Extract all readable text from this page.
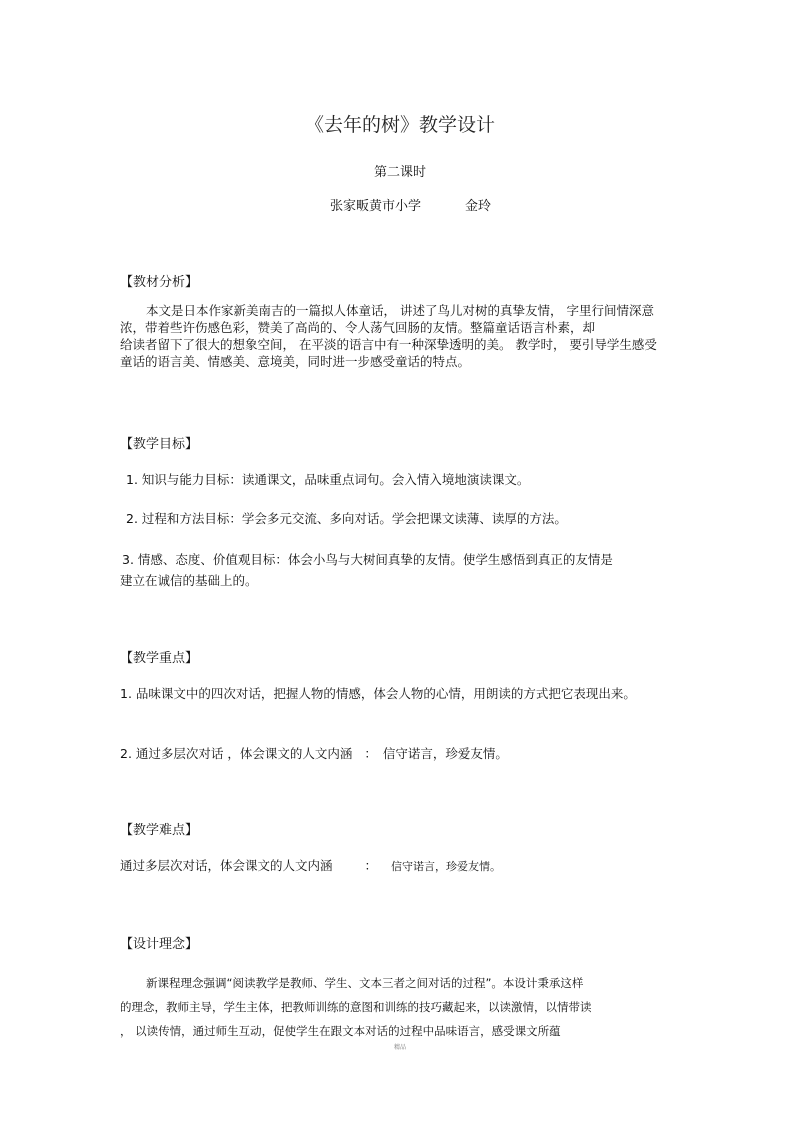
《去年的树》教学设计
第二课时
张家畈黄市小学	金玲
【教材分析】
本文是日本作家新美南吉的一篇拟人体童话， 讲述了鸟儿对树的真挚友情， 字里行间情深意
浓，带着些许伤感色彩，赞美了高尚的、令人荡气回肠的友情。整篇童话语言朴素，却
给读者留下了很大的想象空间， 在平淡的语言中有一种深挚透明的美。 教学时， 要引导学生感受
童话的语言美、情感美、意境美，同时进一步感受童话的特点。
【教学目标】
1. 知识与能力目标：读通课文，品味重点词句。会入情入境地演读课文。
2. 过程和方法目标：学会多元交流、多向对话。学会把课文读薄、读厚的方法。
3. 情感、态度、价值观目标：体会小鸟与大树间真挚的友情。使学生感悟到真正的友情是
建立在诚信的基础上的。
【教学重点】
1. 品味课文中的四次对话，把握人物的情感，体会人物的心情，用朗读的方式把它表现出来。
2. 通过多层次对话 ，体会课文的人文内涵 ： 信守诺言，珍爱友情。
【教学难点】
通过多层次对话，体会课文的人文内涵	： 信守诺言，珍爱友情。
【设计理念】
新课程理念强调“阅读教学是教师、学生、文本三者之间对话的过程”。本设计秉承这样
的理念，教师主导，学生主体，把教师训练的意图和训练的技巧藏起来，以读激情，以情带读
， 以读传情，通过师生互动，促使学生在跟文本对话的过程中品味语言，感受课文所蕴
精品
